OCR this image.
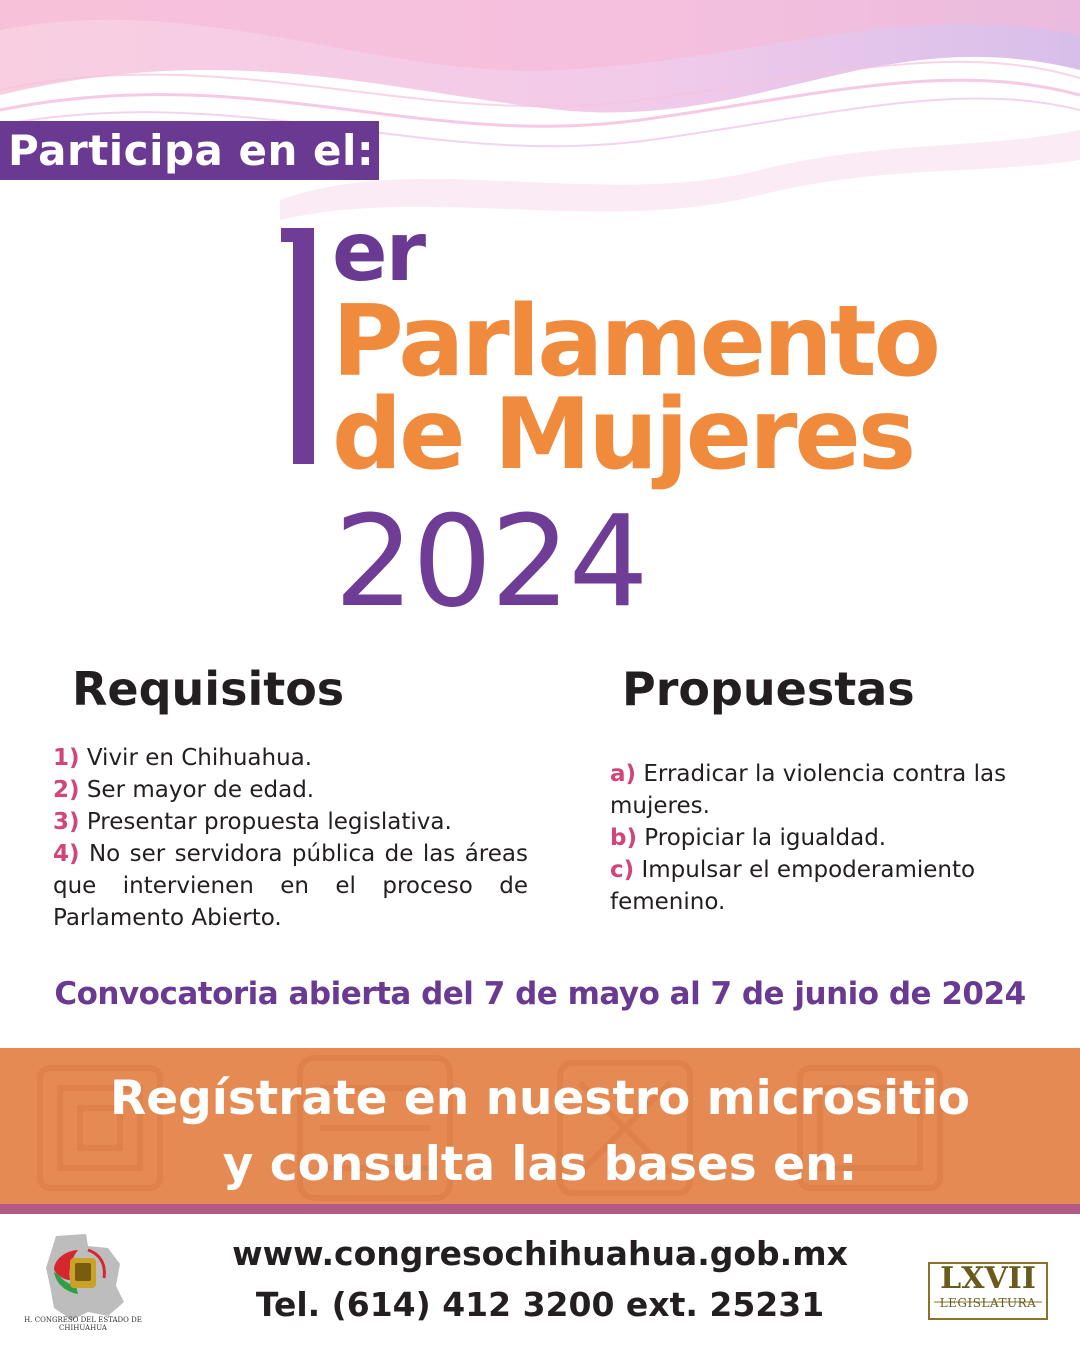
Participa en el:
er
Parlamento
de Mujeres
2024
Requisitos

1) Vivir en Chihuahua.

2) Ser mayor de edad.

3) Presentar propuesta legislativa.

4) No ser servidora pública de las áreas que intervienen en el proceso de Parlamento Abierto.

Propuestas

a) Erradicar la violencia contra las mujeres.

b) Propiciar la igualdad.

c) Impulsar el empoderamiento femenino.

Convocatoria abierta del 7 de mayo al 7 de junio de 2024
Regístrate en nuestro micrositio
y consulta las bases en:
H. CONGRESO DEL ESTADO DE CHIHUAHUA
www.congresochihuahua.gob.mx
Tel. (614) 412 3200 ext. 25231
LXVII
LEGISLATURA
